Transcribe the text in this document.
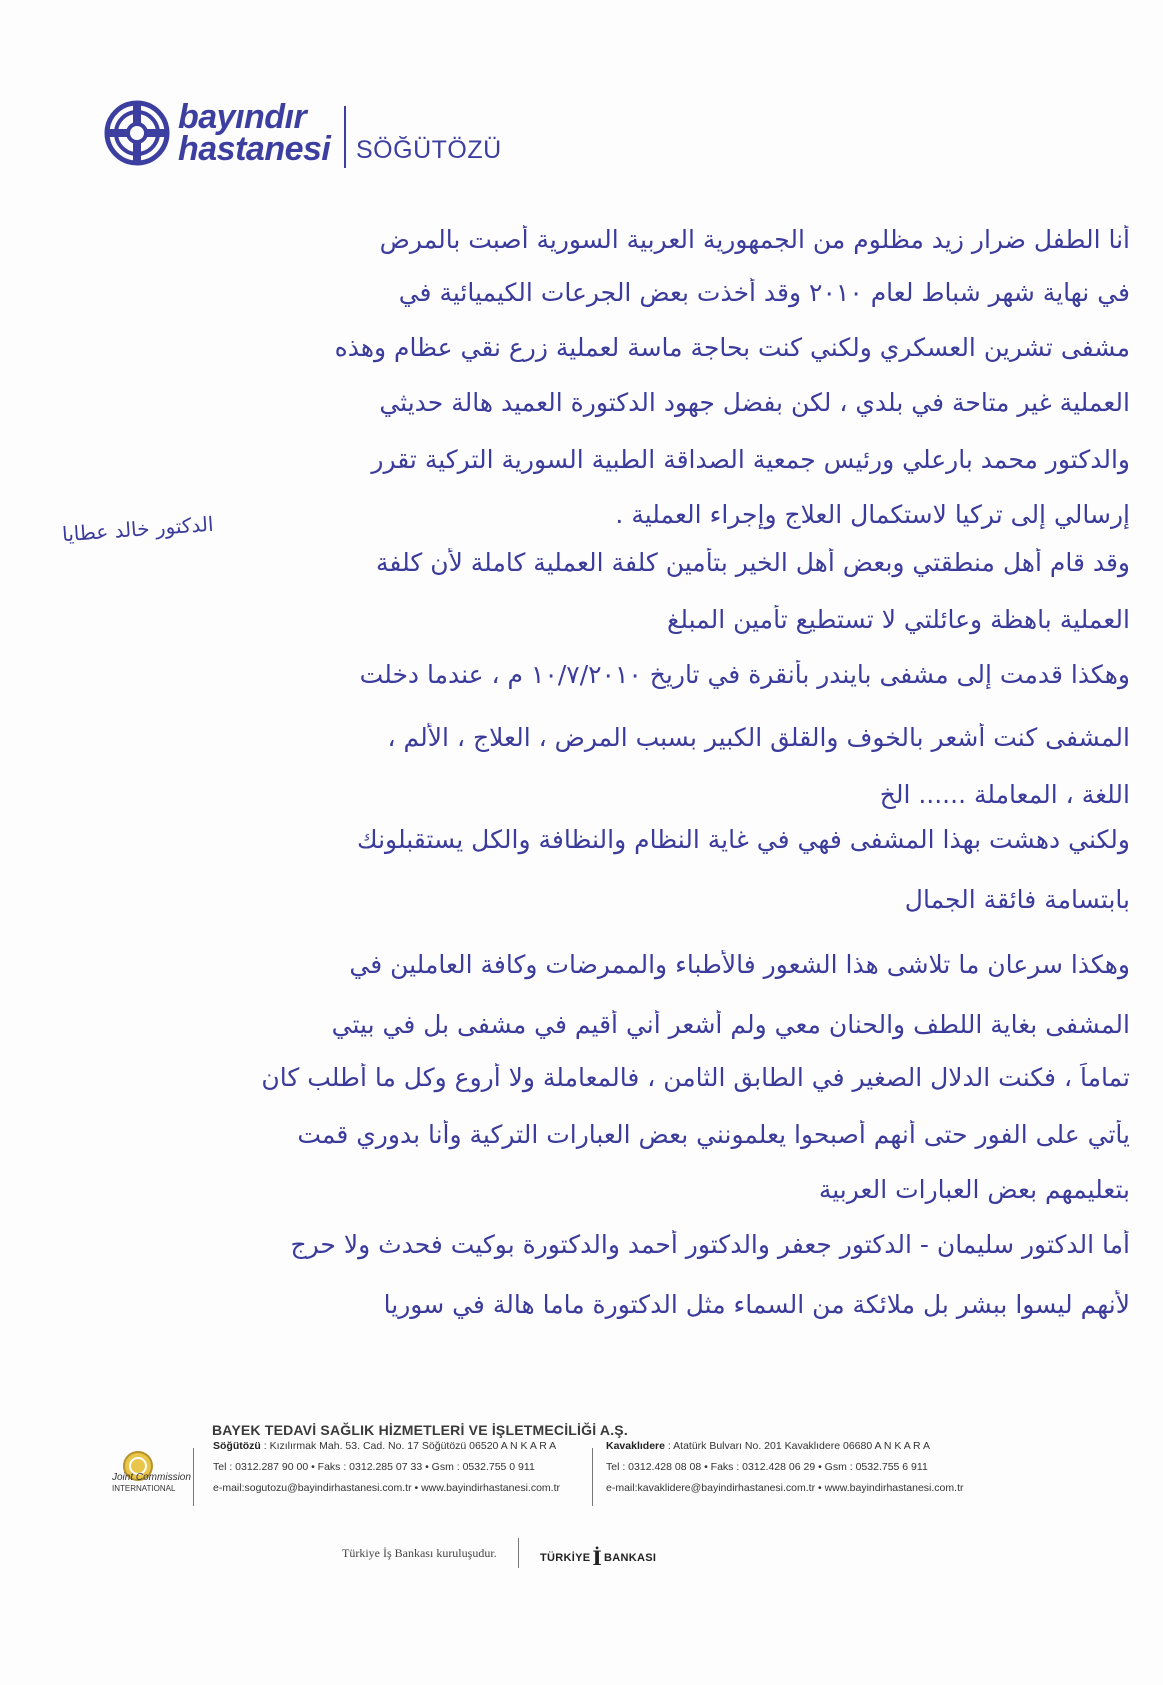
bayındır
hastanesi SÖĞÜTÖZÜ
أنا الطفل ضرار زيد مظلوم من الجمهورية العربية السورية أصبت بالمرض
في نهاية شهر شباط لعام ٢٠١٠ وقد أخذت بعض الجرعات الكيميائية في
مشفى تشرين العسكري ولكني كنت بحاجة ماسة لعملية زرع نقي عظام وهذه
العملية غير متاحة في بلدي ، لكن بفضل جهود الدكتورة العميد هالة حديثي
والدكتور محمد بارعلي ورئيس جمعية الصداقة الطبية السورية التركية تقرر
إرسالي إلى تركيا لاستكمال العلاج وإجراء العملية .
وقد قام أهل منطقتي وبعض أهل الخير بتأمين كلفة العملية كاملة لأن كلفة
العملية باهظة وعائلتي لا تستطيع تأمين المبلغ
وهكذا قدمت إلى مشفى بايندر بأنقرة في تاريخ ١٠/٧/٢٠١٠ م ، عندما دخلت
المشفى كنت أشعر بالخوف والقلق الكبير بسبب المرض ، العلاج ، الألم ،
اللغة ، المعاملة ...... الخ
ولكني دهشت بهذا المشفى فهي في غاية النظام والنظافة والكل يستقبلونك
بابتسامة فائقة الجمال
وهكذا سرعان ما تلاشى هذا الشعور فالأطباء والممرضات وكافة العاملين في
المشفى بغاية اللطف والحنان معي ولم أشعر أني أقيم في مشفى بل في بيتي
تماماً ، فكنت الدلال الصغير في الطابق الثامن ، فالمعاملة ولا أروع وكل ما أطلب كان
يأتي على الفور حتى أنهم أصبحوا يعلمونني بعض العبارات التركية وأنا بدوري قمت
بتعليمهم بعض العبارات العربية
أما الدكتور سليمان - الدكتور جعفر والدكتور أحمد والدكتورة بوكيت فحدث ولا حرج
لأنهم ليسوا ببشر بل ملائكة من السماء مثل الدكتورة ماما هالة في سوريا
الدكتور خالد عطايا
BAYEK TEDAVİ SAĞLIK HİZMETLERİ VE İŞLETMECİLİĞİ A.Ş.
Joint Commission
INTERNATIONAL
Söğütözü : Kızılırmak Mah. 53. Cad. No. 17 Söğütözü 06520 A N K A R A
Tel : 0312.287 90 00 • Faks : 0312.285 07 33 • Gsm : 0532.755 0 911
e-mail:sogutozu@bayindirhastanesi.com.tr • www.bayindirhastanesi.com.tr
Kavaklıdere : Atatürk Bulvarı No. 201 Kavaklıdere 06680 A N K A R A
Tel : 0312.428 08 08 • Faks : 0312.428 06 29 • Gsm : 0532.755 6 911
e-mail:kavaklidere@bayindirhastanesi.com.tr • www.bayindirhastanesi.com.tr
Türkiye İş Bankası kuruluşudur.	TÜRKİYE İ BANKASI
